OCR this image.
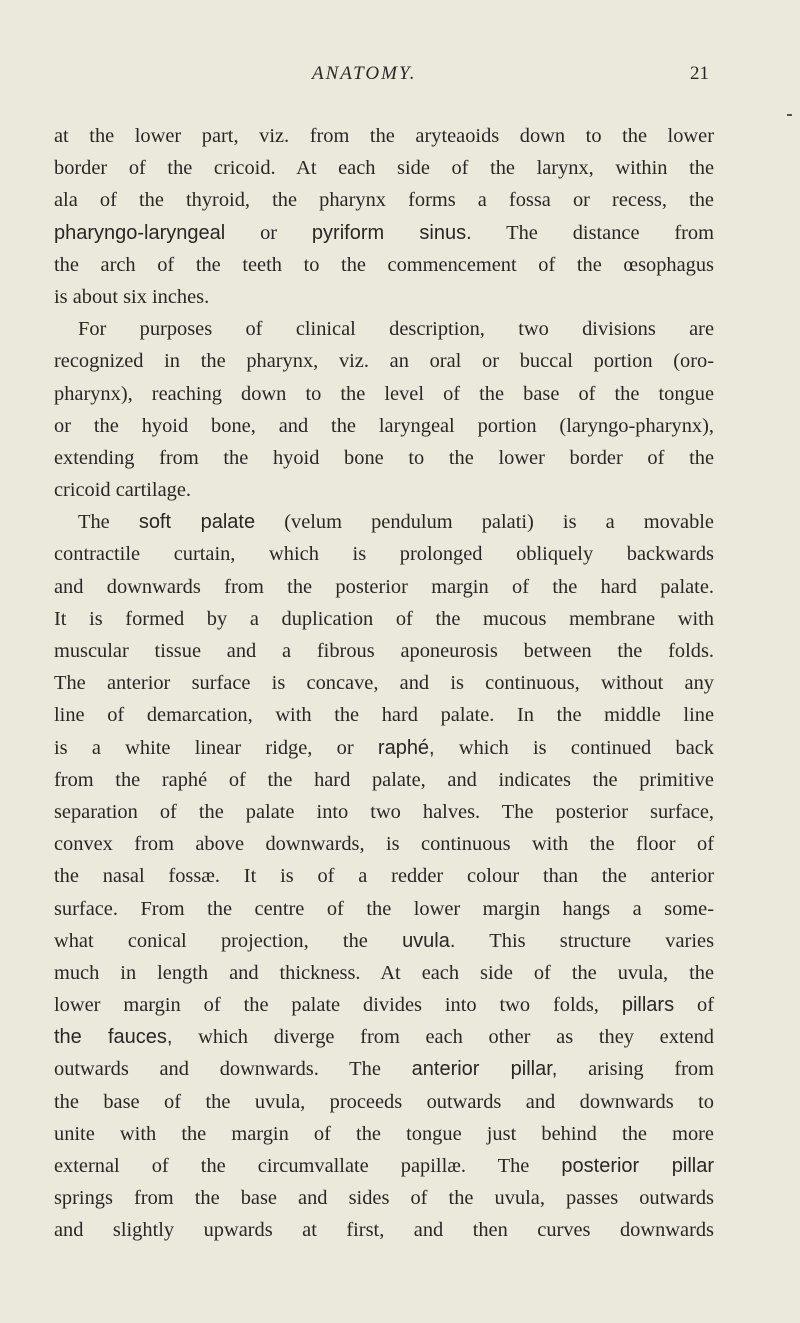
ANATOMY.	21
at the lower part, viz. from the aryteaoids down to the lower
border of the cricoid. At each side of the larynx, within the
ala of the thyroid, the pharynx forms a fossa or recess, the
pharyngo-laryngeal or pyriform sinus. The distance from
the arch of the teeth to the commencement of the œsophagus
is about six inches.
For purposes of clinical description, two divisions are
recognized in the pharynx, viz. an oral or buccal portion (oro-
pharynx), reaching down to the level of the base of the tongue
or the hyoid bone, and the laryngeal portion (laryngo-pharynx),
extending from the hyoid bone to the lower border of the
cricoid cartilage.
The soft palate (velum pendulum palati) is a movable
contractile curtain, which is prolonged obliquely backwards
and downwards from the posterior margin of the hard palate.
It is formed by a duplication of the mucous membrane with
muscular tissue and a fibrous aponeurosis between the folds.
The anterior surface is concave, and is continuous, without any
line of demarcation, with the hard palate. In the middle line
is a white linear ridge, or raphé, which is continued back
from the raphé of the hard palate, and indicates the primitive
separation of the palate into two halves. The posterior surface,
convex from above downwards, is continuous with the floor of
the nasal fossæ. It is of a redder colour than the anterior
surface. From the centre of the lower margin hangs a some-
what conical projection, the uvula. This structure varies
much in length and thickness. At each side of the uvula, the
lower margin of the palate divides into two folds, pillars of
the fauces, which diverge from each other as they extend
outwards and downwards. The anterior pillar, arising from
the base of the uvula, proceeds outwards and downwards to
unite with the margin of the tongue just behind the more
external of the circumvallate papillæ. The posterior pillar
springs from the base and sides of the uvula, passes outwards
and slightly upwards at first, and then curves downwards
